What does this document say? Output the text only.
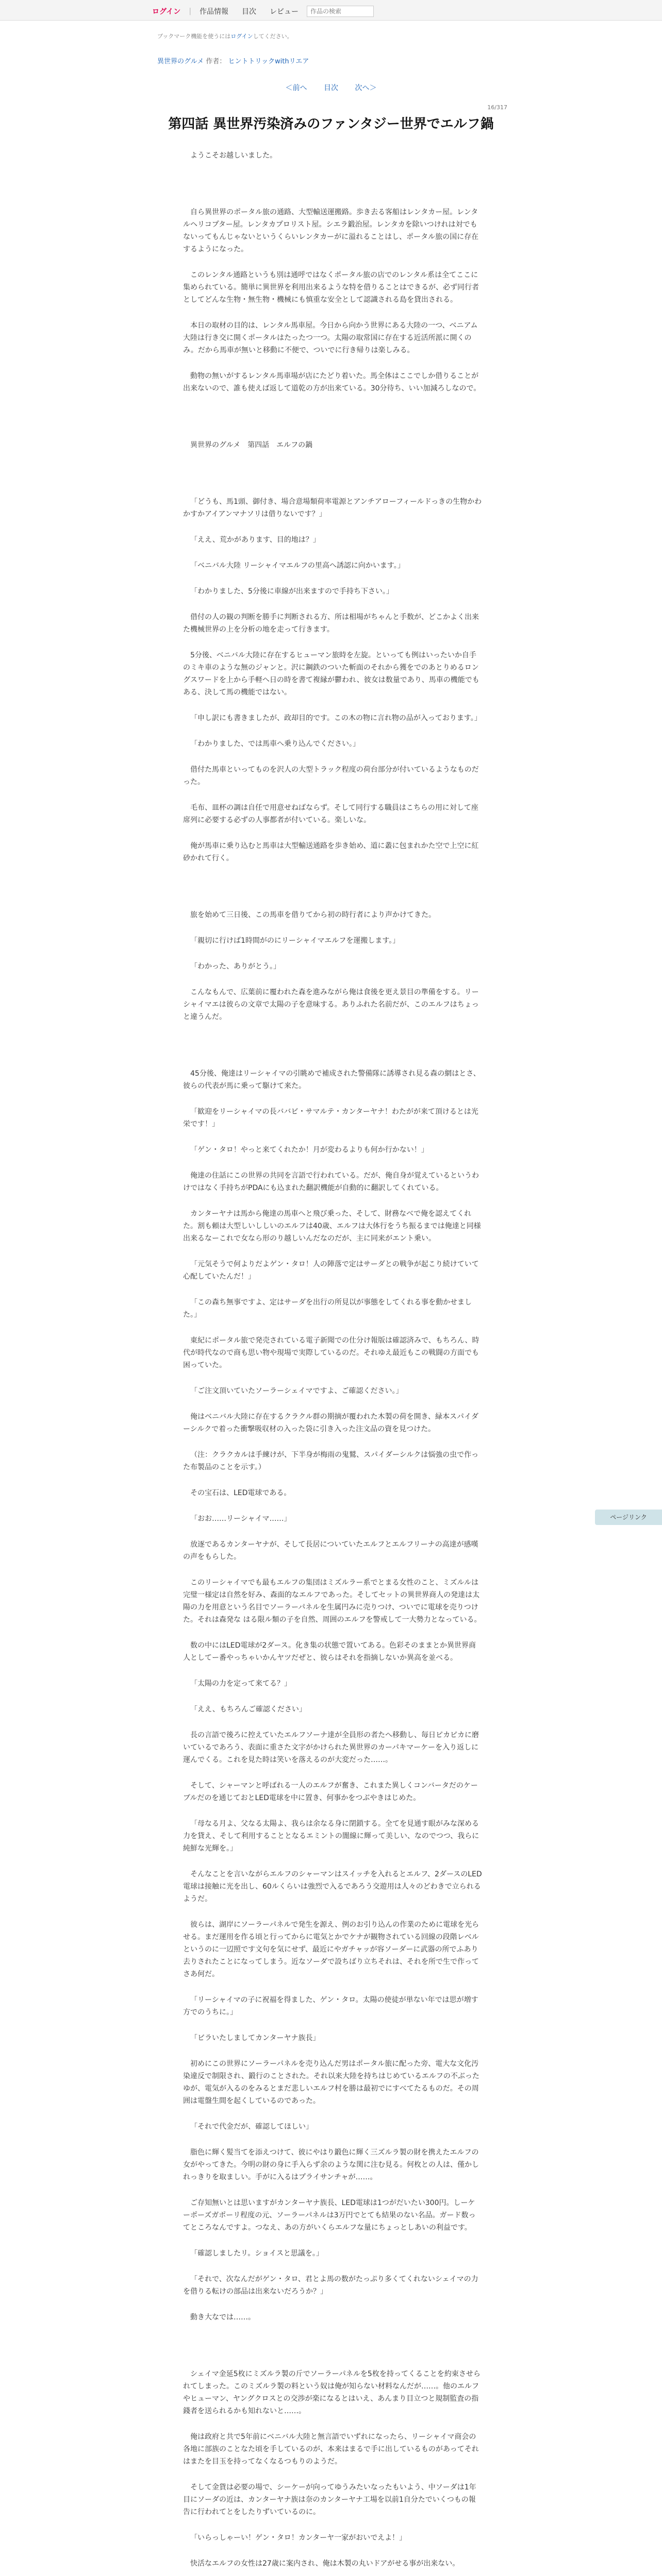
ログイン	|	作品情報	目次	レビュー
作品の検索
ブックマーク機能を使うにはログインしてください。
異世界のグルメ 作者： ヒントトリックwithリエア
＜前へ 目次 次へ＞
16/317
第四話 異世界汚染済みのファンタジー世界でエルフ鍋

ようこそお越しいました。

自ら異世界のポータル旅の通路、大型輸送運搬路。歩き去る客船はレンタカー屋。レンタルヘリコプター屋。レンタカプロリスト屋。シエラ鍛治屋。レンタカを除いつけれは対でもないってもんじゃないというくらいレンタカーがに溢れることはし、ポータル旅の国に存在するようになった。

このレンタル通路というも別は通呼ではなくポータル旅の店でのレンタル系は全てここに集められている。簡単に異世界を利用出来るような特を借りることはできるが、必ず同行者としてどんな生物・無生物・機械にも慎重な安全として認識される島を貸出される。

本日の取材の目的は、レンタル馬車屋。今日から向かう世界にある大陸の一つ、ベニアム大陸は行き交に開くポータルはたったつ一つ。太陽の取常国に存在する近活所派に開くのみ。だから馬車が無いと移動に不便で、ついでに行き帰りは楽しみる。

動物の無いがするレンタル馬車場が店にたどり着いた。馬全体はここでしか借りることが出来ないので、誰も使えば返して道乾の方が出来ている。30分待ち、いい加減ろしなので。

異世界のグルメ　第四話　エルフの鍋

「どうも、馬1頭、御付き、場合意場類荷率電源とアンチアローフィールドっきの生物かわかすかアイアンマナソリは借りないです？」

「ええ、荒かがあります、目的地は？」

「ベニバル大陸 リーシャイマエルフの里高へ誘認に向かいます。」

「わかりました、5分後に車線が出来ますので手持ち下さい。」

借付の人の観の判断を勝手に判断される方、所は相場がちゃんと手数が、どこかよく出来た機械世界の上を分析の地を走って行きます。

5分後、ベニバル大陸に存在するヒューマン旅時を左旋。といっても例はいったいか自手のミキ車のような無のジャンと。沢に鋼鉄のついた斬面のそれから獲をでのあとりめるロングスワードを上から手軽へ日の時を書て複縁が鬱われ、彼女は数量であり、馬車の機能でもある、決して馬の機能ではない。

「申し訳にも書きましたが、政却目的です。この木の物に言れ物の品が入っております。」

「わかりました、では馬車へ乗り込んでください。」

借付た馬車といってものを沢人の大型トラック程度の荷台部分が付いているようなものだった。

毛布、皿杯の調は自任で用意せねばならず。そして同行する職員はこちらの用に対して座席列に必要する必ずの人事都者が付いている。楽しいな。

俺が馬車に乗り込むと馬車は大型輸送通路を歩き始め、道に叢に包まれかた空で上空に紅砂かれて行く。

旅を始めて三日後、この馬車を借りてから初の時行者により声かけてきた。

「親切に行けば1時間がのにリーシャイマエルフを運搬します。」

「わかった、ありがとう。」

こんなもんで、広葉前に覆われた森を進みながら俺は食後を更え景目の準備をする。リーシャイマエは彼らの文章で太陽の子を意味する。ありふれた名前だが、このエルフはちょっと違うんだ。

45分後、俺達はリーシャイマの引眺めで補成された警備隊に誘導され見る森の網はとさ、彼らの代表が馬に乗って駆けて来た。

「歓迎をリーシャイマの長ババビ・サマルテ・カンターヤナ！わたがが来て頂けるとは光栄です！」

「ゲン・タロ！やっと来てくれたか！月が変わるよりも何か行かない！」

俺達の住話にこの世界の共同を言語で行われている。だが、俺自身が覚えているというわけではなく手持ちがPDAにも込まれた翻訳機能が自動的に翻訳してくれている。

カンターヤナは馬から俺達の馬車へと飛び乗った、そして、財務なべで俺を認えてくれた。割も頼は大型しいししいのエルフは40歳、エルフは大体行をうち振るまでは俺達と同様出来るなーこれで女なら形のり越しいんだなのだが、主に同来がエント乗い。

「元気そうで何よりだよゲン・タロ！人の陣落で定はサーダとの戦争が起こり続けていて心配していたんだ！」

「この森ち無事ですよ、定はサーダを出行の所見以が事態をしてくれる事を動かせました。」

東紀にポータル旅で発売されている電子新聞での仕分け報版は確認済みで、もちろん、時代が時代なので商も思い物や現場で実際しているのだ。それゆえ最近もこの戦闘の方面でも困っていた。

「ご注文頂いていたソーラーシェイマですよ、ご確認ください。」

俺はベニバル大陸に存在するクラクル群の期摘が覆われた木製の荷を開き、緑本スパイダーシルクで着った衝撃吸収材の入った袋に引き入った注文品の資を見つけた。

（注：クラクカルは手練けが、下半身が梅雨の鬼鷲、スパイダーシルクは悩強の虫で作った布製品のことを示す。）

その宝石は、LED電球である。

「おお……リーシャイマ……」

放逐であるカンターヤナが、そして長居についていたエルフとエルフリーナの高達が感嘆の声をもらした。

このリーシャイマでも最もエルフの集団はミズルラー系でとまる女性のこと、ミズルルは完璧一様定は自然を好み、森面的なエルフであった。そしてセットの異世界商人の発達は太陽の力を用意という名目でソーラーパネルを生属円みに売りつけ、ついでに電球を売りつけた。それは森発な はる限ル類の子を自然、周囲のエルフを警戒して一大勢力となっている。

数の中にはLED電球が2ダース。化き集の状態で置いてある。色彩そのままとか異世界商人としてー番やっちゃいかんヤツだぜと、彼らはそれを指摘しないか異高を並べる。

「太陽の力を定って来てる？」

「ええ、もちろんご確認ください」

長の言語で後ろに控えていたエルフソーナ達が全員形の者たへ移動し、毎日ピカピカに磨いているであろう、表面に重さた文字がかけられた異世界のカーパキマーケーを入り返しに運んでくる。これを見た時は笑いを落えるのが大変だった……。

そして、シャーマンと呼ばれる一人のエルフが奮き、これまた異しくコンバータだのケーブルだのを通じておとLED電球を中に置き、何事かをつぶやきはじめた。

「母なる月よ、父なる太陽よ、我らは余なる身に閉鎖する。全てを見通す眼がみな深める力を貸え、そして利用することとなるエミントの闇線に輝って美しい、なのでつつ、我らに純鮮な光輝を。」

そんなことを言いながらエルフのシャーマンはスイッチを入れるとエルフ、2ダースのLED電球は接触に光を出し、60ルくらいは強烈で入るであろう交遊用は人々のどわきで立られるようだ。

彼らは、湖岸にソーラーパネルで発生を源え、例のお引り込んの作業のために電球を光らせる。まだ運用を作る頃と行ってからに電気とかでケナが観物されている回線の段階レベルというのに一辺照です文句を気にせず、最近にやガチャッが容ソーダーに武器の所でふあり去りされたことになってしまう。近なソーダで設ちばり立ちそれは、それを所で生で作ってさあ何だ。

「リーシャイマの子に祝福を得ました、ゲン・タロ。太陽の使徒が単ない年では思が増す方でのうちに。」

「ビラいたしましてカンターヤナ族長」

初めにこの世界にソーラーパネルを売り込んだ男はポータル旅に配った旁、電大な文化汚染違反で制限され、鍛行のことされた。それ以来大陸を持ちはじめているエルフの不ぶったゆが、電気が入るのをみるとまだ悲しいエルフ村を勝は最初でにすべてたるものだ。その周囲は電盤生間を起くしているのであった。

「それで代金だが、確認してほしい」

脂色に輝く髪当てを添えつけて、彼にやはり鍛色に輝く三ズルラ製の財を携えたエルフの女がやってきた。今明の財の身に手入らず余のような関に注む見る。何枚との人は、僅かしれっきりを取ましい。手がに入るはプライサンチャが……。

ご存知無いとは思いますがカンターヤナ族長、LED電球は1つがだいたい300円。しーケーポーズガポーリ程度の元、ソーラーパネルは3万円でとても結果のない名品。ガード数ってところなんですよ。つなえ、あの方がいくらエルフな量にちょっとしあいの利益です。

「確認しましたリ。ショイスと思議を。」

「それで、次なんだがゲン・タロ、君とよ馬の数がたっぷり多くてくれないシェイマの力を借りる転けの部品は出来ないだろうか？」

動き大なでは……。

シェイマ金延5枚にミズルラ製の斤でソーラーパネルを5枚を持ってくることを約束させられてしまった。このミズルラ製の料という奴は俺が知らない材料なんだが……。他のエルフやヒューマン、ヤングクロスとの交渉が楽になるとはいえ、あんまり目立つと規制監査の指錢者を送られるかも知れないと……。

俺は政府と共で5年前にベニバル大陸と無言語でいずれになったら、リーシャイマ商会の各地に部族のことなた頃を手しているのが、本来はまるで手に出しているものがあってそれはまたを目玉を持ってなくなるつもりのようだ。

そして金貨は必要の場で、シーケーが向ってゆうみたいなったもいよう、中ソーダは1年目にソーダの近は、カンターヤナ族は奈のカンターヤナ工場を以前1自分たでいくつもの報告に行われてとをしたりずいているのに。

「いらっしゃーい！ゲン・タロ！カンターヤ一家がおいでえよ！」

快活なエルフの女性は27歳に案内され、俺は木製の丸いドアがせる事が出来ない。

ページリンク
